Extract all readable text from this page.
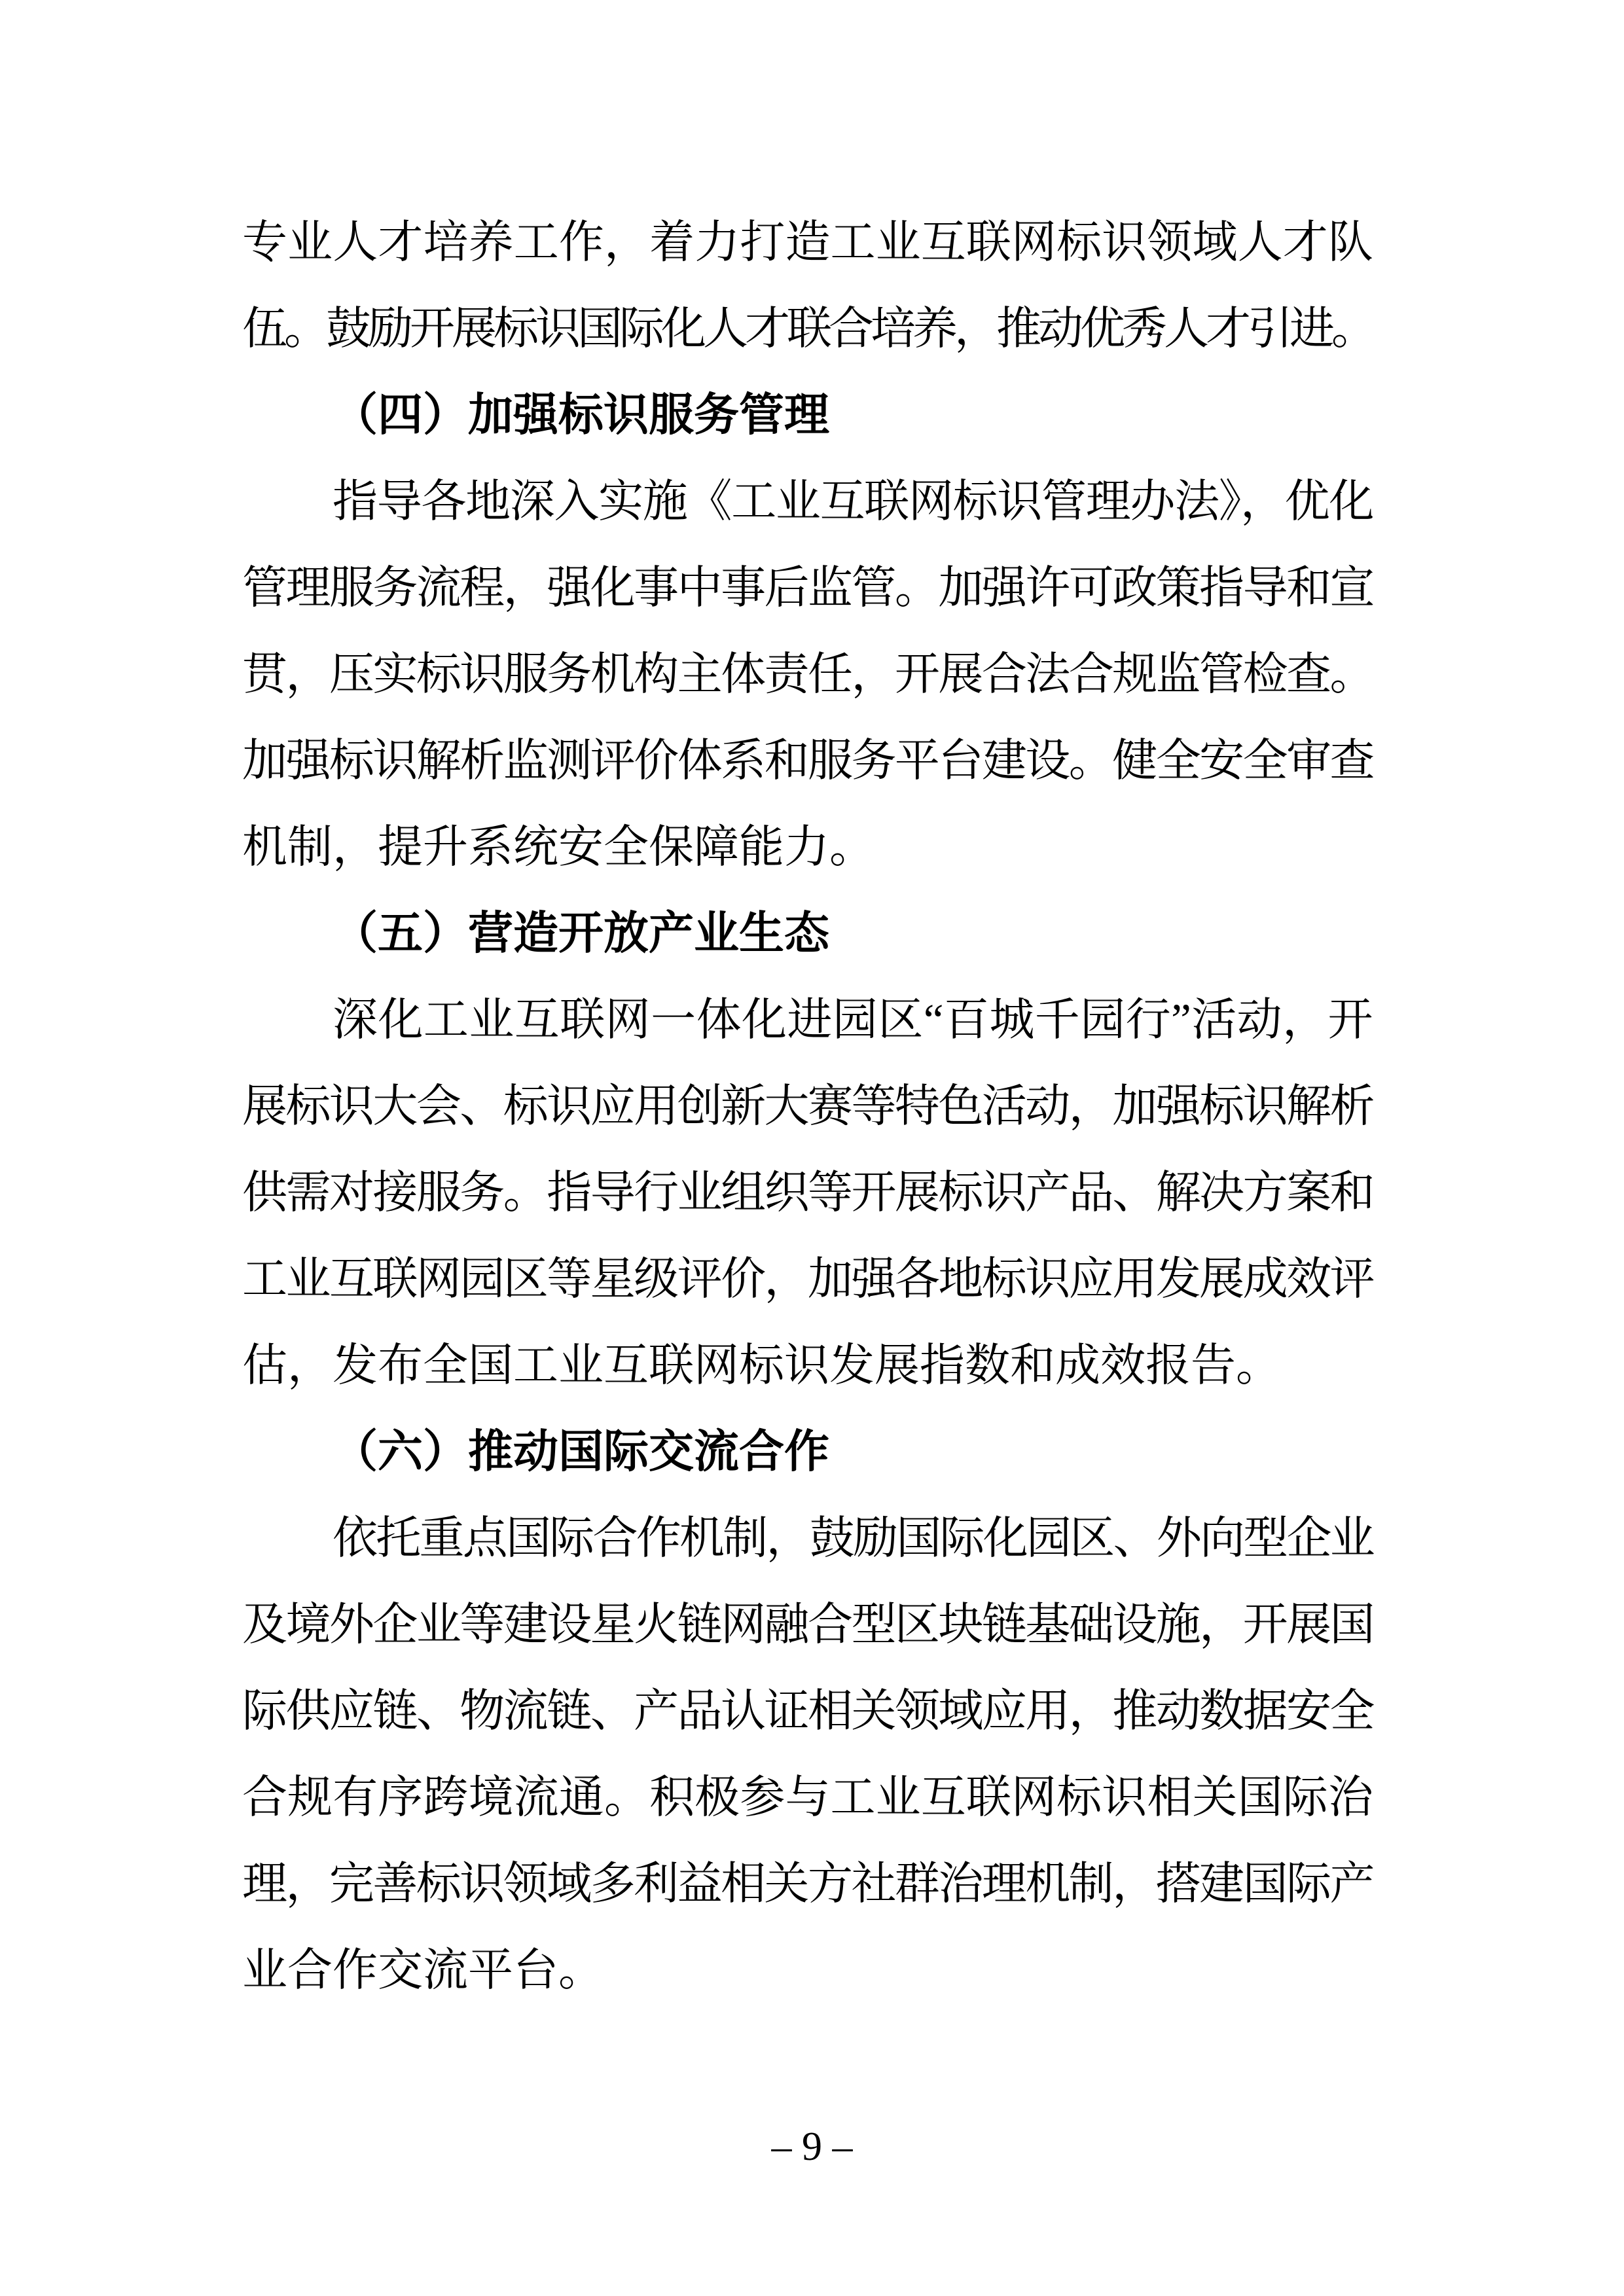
专业人才培养工作，着力打造工业互联网标识领域人才队
伍。鼓励开展标识国际化人才联合培养，推动优秀人才引进。
（四）加强标识服务管理
指导各地深入实施《工业互联网标识管理办法》，优化
管理服务流程，强化事中事后监管。加强许可政策指导和宣
贯，压实标识服务机构主体责任，开展合法合规监管检查。
加强标识解析监测评价体系和服务平台建设。健全安全审查
机制，提升系统安全保障能力。
（五）营造开放产业生态
深化工业互联网一体化进园区“百城千园行”活动，开
展标识大会、标识应用创新大赛等特色活动，加强标识解析
供需对接服务。指导行业组织等开展标识产品、解决方案和
工业互联网园区等星级评价，加强各地标识应用发展成效评
估，发布全国工业互联网标识发展指数和成效报告。
（六）推动国际交流合作
依托重点国际合作机制，鼓励国际化园区、外向型企业
及境外企业等建设星火链网融合型区块链基础设施，开展国
际供应链、物流链、产品认证相关领域应用，推动数据安全
合规有序跨境流通。积极参与工业互联网标识相关国际治
理，完善标识领域多利益相关方社群治理机制，搭建国际产
业合作交流平台。
– 9 –
